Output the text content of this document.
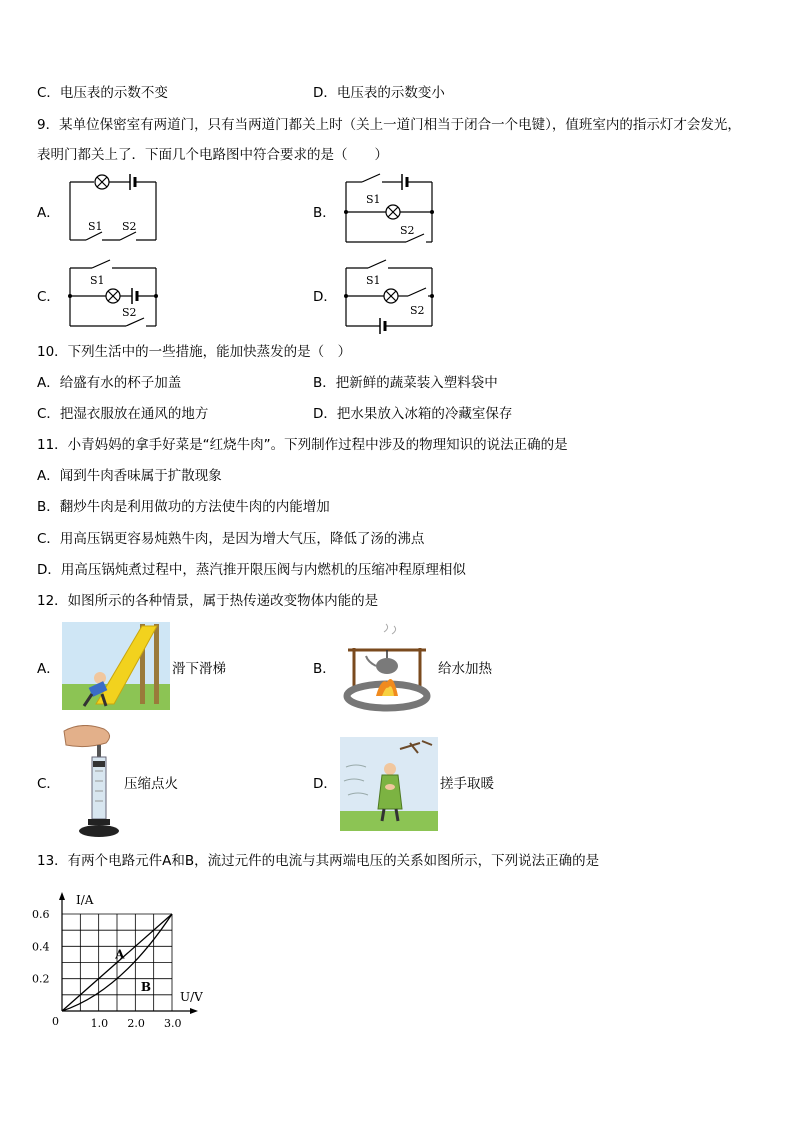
C．电压表的示数不变	D．电压表的示数变小
9．某单位保密室有两道门，只有当两道门都关上时（关上一道门相当于闭合一个电键），值班室内的指示灯才会发光，
表明门都关上了．下面几个电路图中符合要求的是（　　）
A．
S1 S2
B．
S1
S2
C．
S1
S2
D．
S1
S2
10．下列生活中的一些措施，能加快蒸发的是（　）
A．给盛有水的杯子加盖	B．把新鲜的蔬菜装入塑料袋中
C．把湿衣服放在通风的地方	D．把水果放入冰箱的冷藏室保存
11．小青妈妈的拿手好菜是“红烧牛肉”。下列制作过程中涉及的物理知识的说法正确的是
A．闻到牛肉香味属于扩散现象
B．翻炒牛肉是利用做功的方法使牛肉的内能增加
C．用高压锅更容易炖熟牛肉，是因为增大气压，降低了汤的沸点
D．用高压锅炖煮过程中，蒸汽推开限压阀与内燃机的压缩冲程原理相似
12．如图所示的各种情景，属于热传递改变物体内能的是
A．	滑下滑梯	B．	给水加热
C．	压缩点火	D．	搓手取暖
13．有两个电路元件A和B，流过元件的电流与其两端电压的关系如图所示，下列说法正确的是
I/A
U/V
0	1.0 2.0 3.0
0.2
0.4
0.6
A
B
